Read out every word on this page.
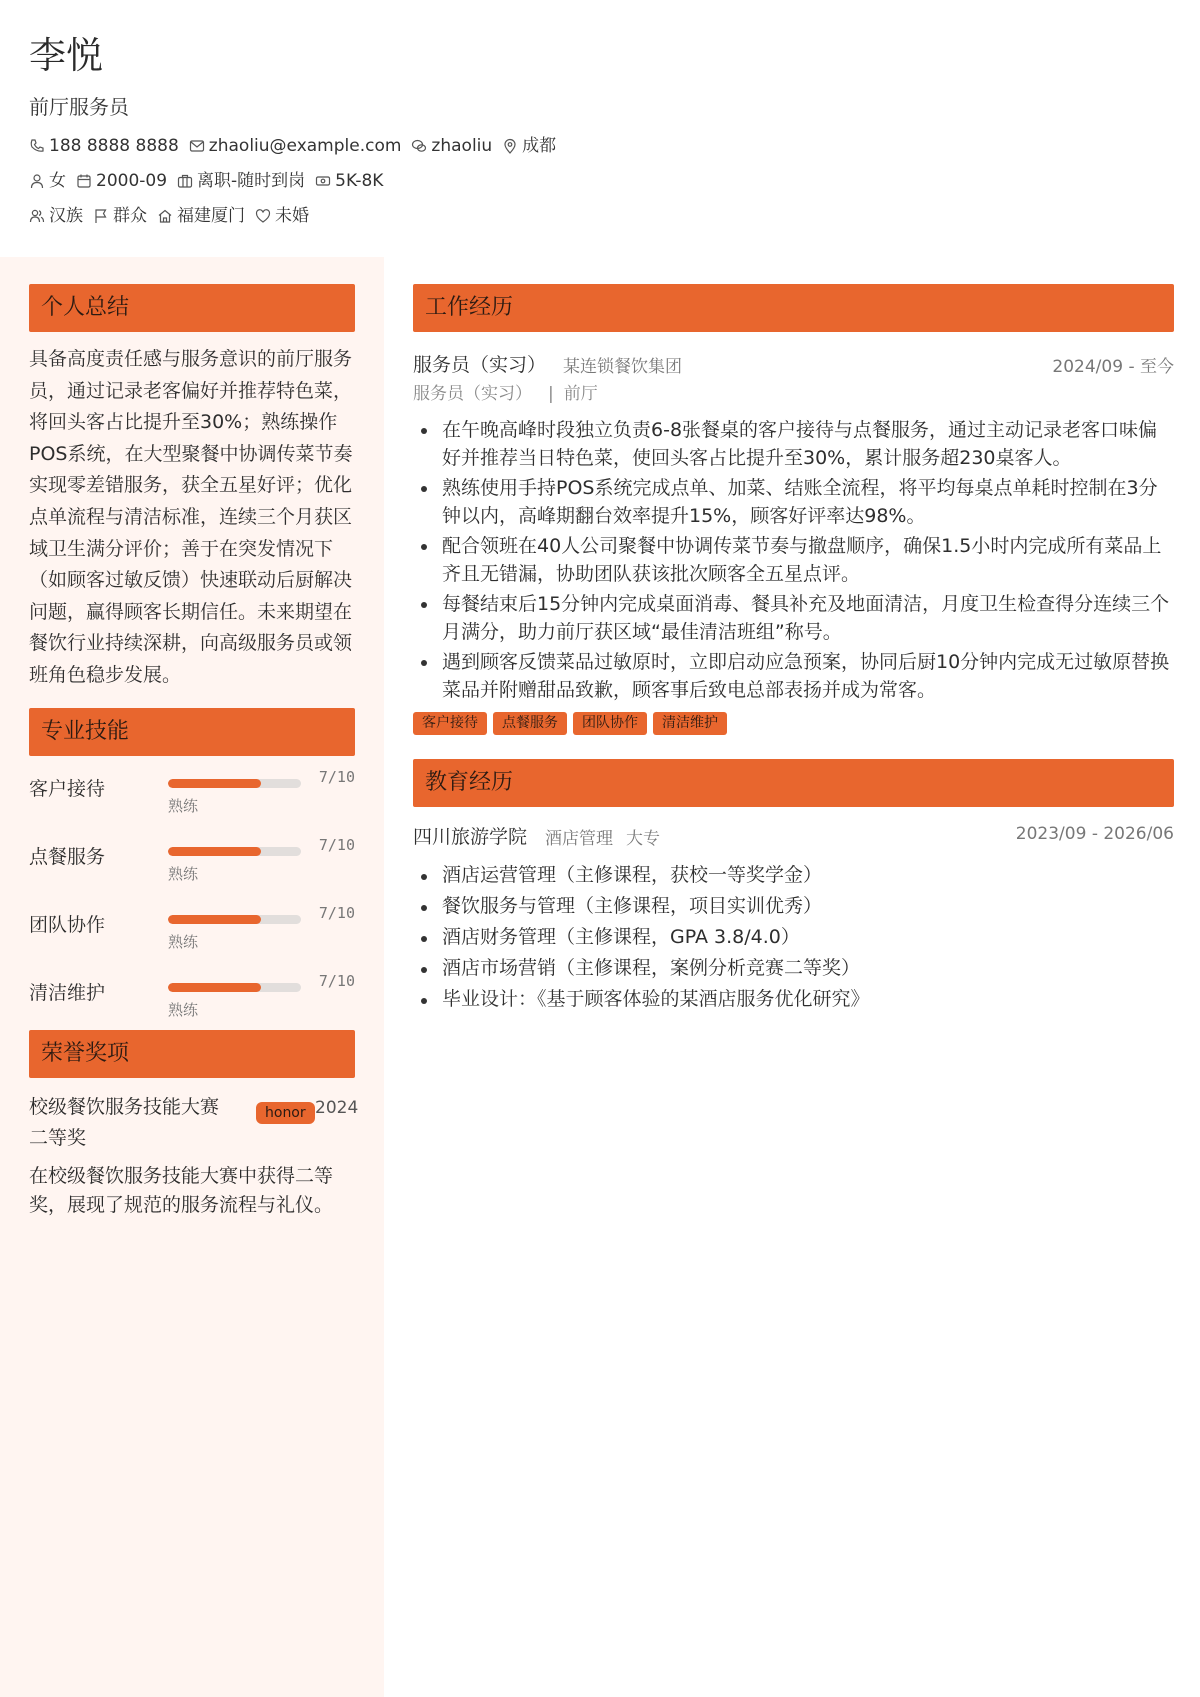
李悦
前厅服务员
188 8888 8888 zhaoliu@example.com zhaoliu 成都
女 2000-09 离职-随时到岗 5K-8K
汉族 群众 福建厦门 未婚
个人总结
具备高度责任感与服务意识的前厅服务员，通过记录老客偏好并推荐特色菜，将回头客占比提升至30%；熟练操作POS系统，在大型聚餐中协调传菜节奏实现零差错服务，获全五星好评；优化点单流程与清洁标准，连续三个月获区域卫生满分评价；善于在突发情况下（如顾客过敏反馈）快速联动后厨解决问题，赢得顾客长期信任。未来期望在餐饮行业持续深耕，向高级服务员或领班角色稳步发展。
专业技能
客户接待
7/10
熟练
点餐服务
7/10
熟练
团队协作
7/10
熟练
清洁维护
7/10
熟练
荣誉奖项
校级餐饮服务技能大赛二等奖
honor 2024
在校级餐饮服务技能大赛中获得二等奖，展现了规范的服务流程与礼仪。
工作经历
服务员（实习） 某连锁餐饮集团	2024/09 - 至今
服务员（实习） | 前厅
在午晚高峰时段独立负责6-8张餐桌的客户接待与点餐服务，通过主动记录老客口味偏好并推荐当日特色菜，使回头客占比提升至30%，累计服务超230桌客人。
熟练使用手持POS系统完成点单、加菜、结账全流程，将平均每桌点单耗时控制在3分钟以内，高峰期翻台效率提升15%，顾客好评率达98%。
配合领班在40人公司聚餐中协调传菜节奏与撤盘顺序，确保1.5小时内完成所有菜品上齐且无错漏，协助团队获该批次顾客全五星点评。
每餐结束后15分钟内完成桌面消毒、餐具补充及地面清洁，月度卫生检查得分连续三个月满分，助力前厅获区域“最佳清洁班组”称号。
遇到顾客反馈菜品过敏原时，立即启动应急预案，协同后厨10分钟内完成无过敏原替换菜品并附赠甜品致歉，顾客事后致电总部表扬并成为常客。
客户接待	点餐服务	团队协作	清洁维护
教育经历
四川旅游学院 酒店管理 大专	2023/09 - 2026/06
酒店运营管理（主修课程，获校一等奖学金）
餐饮服务与管理（主修课程，项目实训优秀）
酒店财务管理（主修课程，GPA 3.8/4.0）
酒店市场营销（主修课程，案例分析竞赛二等奖）
毕业设计：《基于顾客体验的某酒店服务优化研究》
